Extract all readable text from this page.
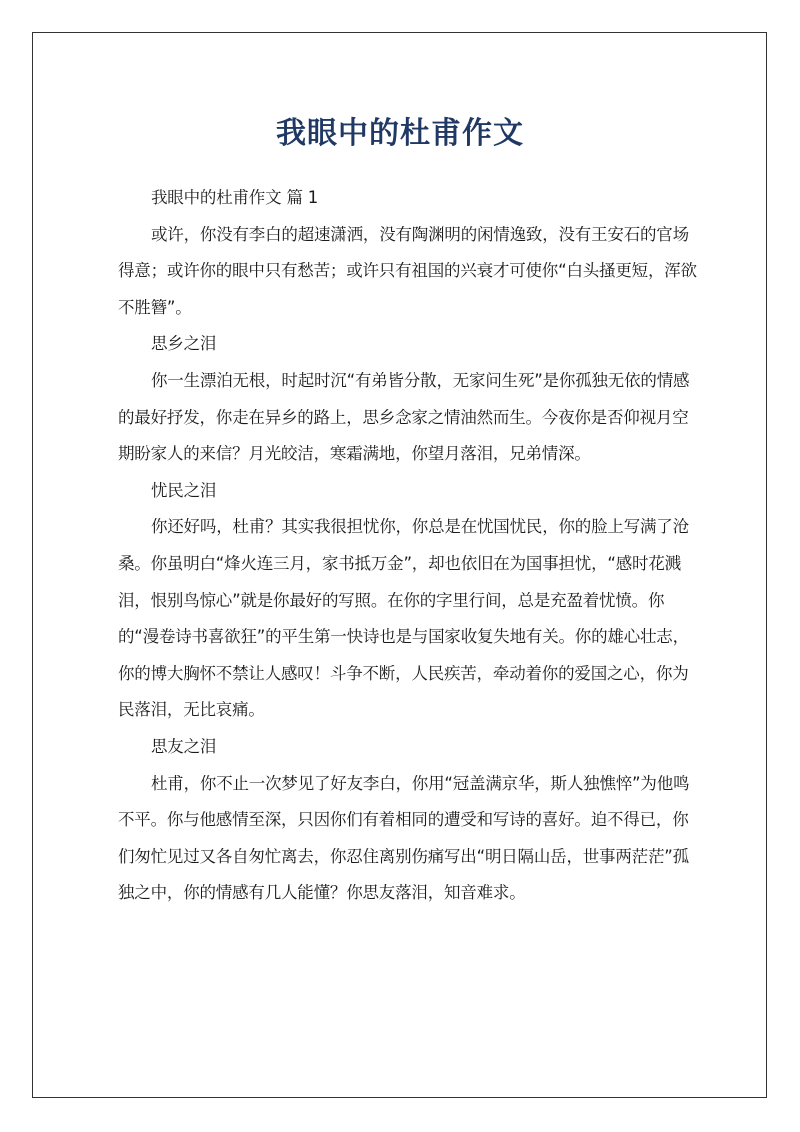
我眼中的杜甫作文

我眼中的杜甫作文 篇 1

或许，你没有李白的超速潇洒，没有陶渊明的闲情逸致，没有王安石的官场得意；或许你的眼中只有愁苦；或许只有祖国的兴衰才可使你“白头搔更短，浑欲不胜簪”。

思乡之泪

你一生漂泊无根，时起时沉“有弟皆分散，无家问生死”是你孤独无依的情感的最好抒发，你走在异乡的路上，思乡念家之情油然而生。今夜你是否仰视月空期盼家人的来信？月光皎洁，寒霜满地，你望月落泪，兄弟情深。

忧民之泪

你还好吗，杜甫？其实我很担忧你，你总是在忧国忧民，你的脸上写满了沧桑。你虽明白“烽火连三月，家书抵万金”，却也依旧在为国事担忧，“感时花溅泪，恨别鸟惊心”就是你最好的写照。在你的字里行间，总是充盈着忧愤。你的“漫卷诗书喜欲狂”的平生第一快诗也是与国家收复失地有关。你的雄心壮志，你的博大胸怀不禁让人感叹！斗争不断，人民疾苦，牵动着你的爱国之心，你为民落泪，无比哀痛。

思友之泪

杜甫，你不止一次梦见了好友李白，你用“冠盖满京华，斯人独憔悴”为他鸣不平。你与他感情至深，只因你们有着相同的遭受和写诗的喜好。迫不得已，你们匆忙见过又各自匆忙离去，你忍住离别伤痛写出“明日隔山岳，世事两茫茫”孤独之中，你的情感有几人能懂？你思友落泪，知音难求。
